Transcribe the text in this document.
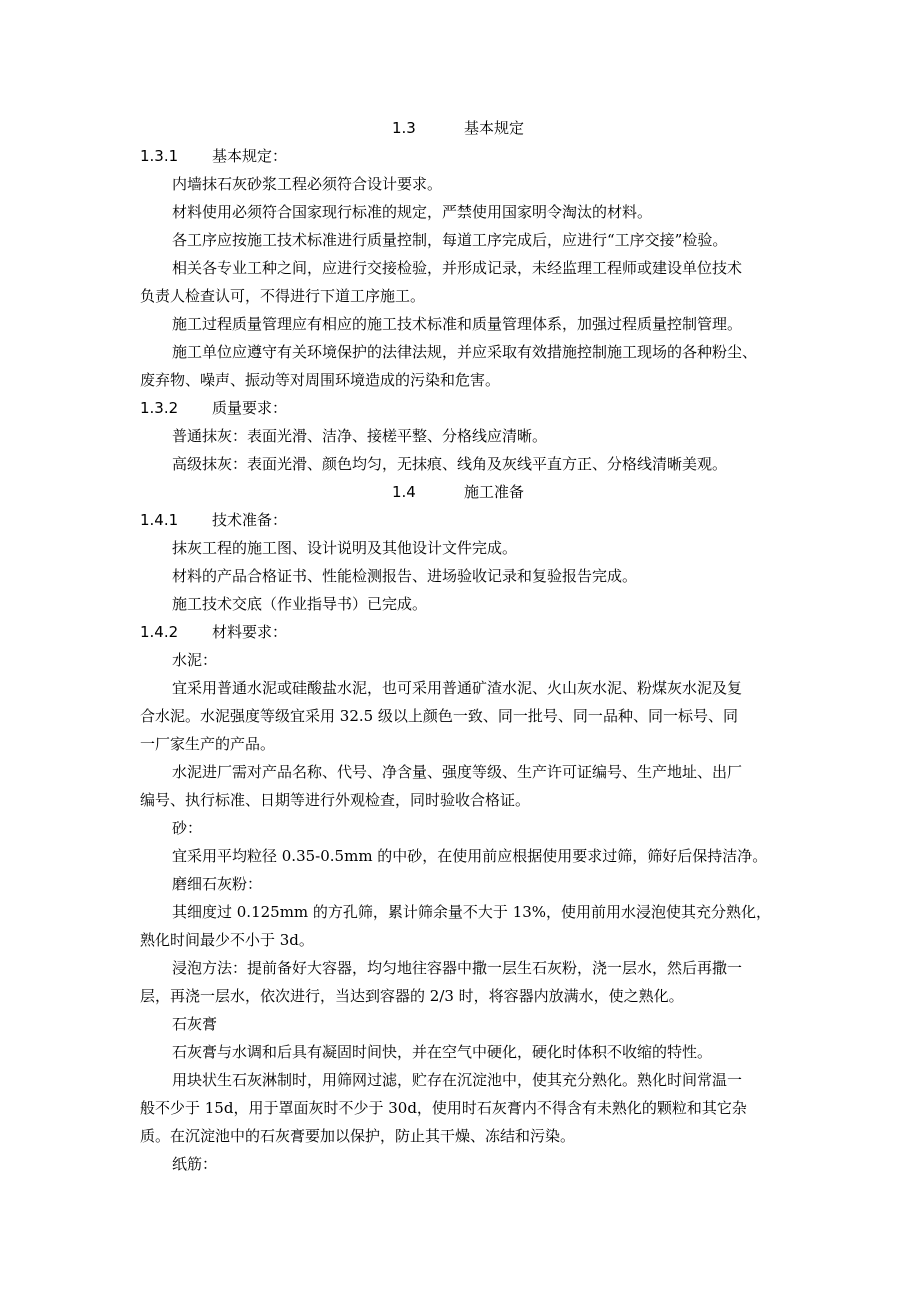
1.3	基本规定
1.3.1 基本规定：
内墙抹石灰砂浆工程必须符合设计要求。
材料使用必须符合国家现行标准的规定，严禁使用国家明令淘汰的材料。
各工序应按施工技术标准进行质量控制，每道工序完成后，应进行“工序交接”检验。
相关各专业工种之间，应进行交接检验，并形成记录，未经监理工程师或建设单位技术
负责人检查认可，不得进行下道工序施工。
施工过程质量管理应有相应的施工技术标准和质量管理体系，加强过程质量控制管理。
施工单位应遵守有关环境保护的法律法规，并应采取有效措施控制施工现场的各种粉尘、
废弃物、噪声、振动等对周围环境造成的污染和危害。
1.3.2 质量要求：
普通抹灰：表面光滑、洁净、接槎平整、分格线应清晰。
高级抹灰：表面光滑、颜色均匀，无抹痕、线角及灰线平直方正、分格线清晰美观。
1.4	施工准备
1.4.1 技术准备：
抹灰工程的施工图、设计说明及其他设计文件完成。
材料的产品合格证书、性能检测报告、进场验收记录和复验报告完成。
施工技术交底（作业指导书）已完成。
1.4.2 材料要求：
水泥：
宜采用普通水泥或硅酸盐水泥，也可采用普通矿渣水泥、火山灰水泥、粉煤灰水泥及复
合水泥。水泥强度等级宜采用 32.5 级以上颜色一致、同一批号、同一品种、同一标号、同
一厂家生产的产品。
水泥进厂需对产品名称、代号、净含量、强度等级、生产许可证编号、生产地址、出厂
编号、执行标准、日期等进行外观检查，同时验收合格证。
砂：
宜采用平均粒径 0.35-0.5mm 的中砂，在使用前应根据使用要求过筛，筛好后保持洁净。
磨细石灰粉：
其细度过 0.125mm 的方孔筛，累计筛余量不大于 13%，使用前用水浸泡使其充分熟化，
熟化时间最少不小于 3d。
浸泡方法：提前备好大容器，均匀地往容器中撒一层生石灰粉，浇一层水，然后再撒一
层，再浇一层水，依次进行，当达到容器的 2/3 时，将容器内放满水，使之熟化。
石灰膏
石灰膏与水调和后具有凝固时间快，并在空气中硬化，硬化时体积不收缩的特性。
用块状生石灰淋制时，用筛网过滤，贮存在沉淀池中，使其充分熟化。熟化时间常温一
般不少于 15d，用于罩面灰时不少于 30d，使用时石灰膏内不得含有未熟化的颗粒和其它杂
质。在沉淀池中的石灰膏要加以保护，防止其干燥、冻结和污染。
纸筋：
